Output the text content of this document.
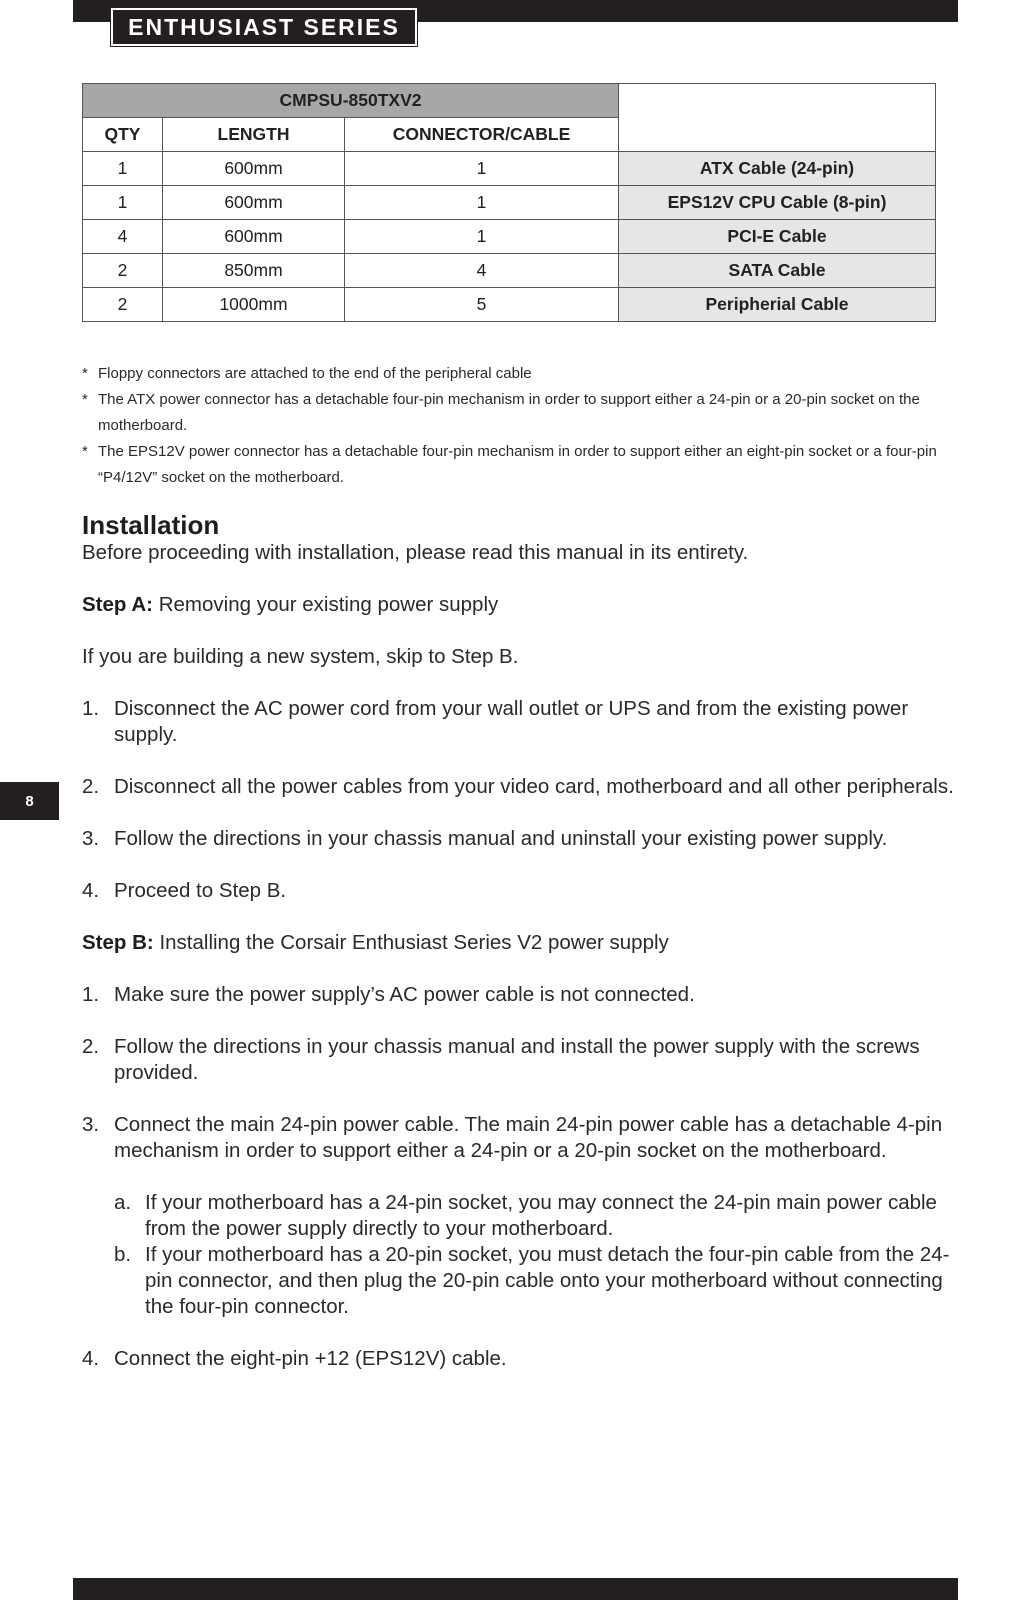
ENTHUSIAST SERIES
8
CMPSU-850TXV2			
QTY	LENGTH	CONNECTOR/CABLE	
1	600mm	1	ATX Cable (24-pin)
1	600mm	1	EPS12V CPU Cable (8-pin)
4	600mm	1	PCI-E Cable
2	850mm	4	SATA Cable
2	1000mm	5	Peripherial Cable
* Floppy connectors are attached to the end of the peripheral cable
* The ATX power connector has a detachable four-pin mechanism in order to support either a 24-pin or a 20-pin socket on the motherboard.
* The EPS12V power connector has a detachable four-pin mechanism in order to support either an eight-pin socket or a four-pin “P4/12V” socket on the motherboard.
Installation

Before proceeding with installation, please read this manual in its entirety.

Step A: Removing your existing power supply

If you are building a new system, skip to Step B.

1. Disconnect the AC power cord from your wall outlet or UPS and from the existing power supply.
2. Disconnect all the power cables from your video card, motherboard and all other peripherals.
3. Follow the directions in your chassis manual and uninstall your existing power supply.
4. Proceed to Step B.

Step B: Installing the Corsair Enthusiast Series V2 power supply

1. Make sure the power supply’s AC power cable is not connected.
2. Follow the directions in your chassis manual and install the power supply with the screws provided.
3. Connect the main 24-pin power cable. The main 24-pin power cable has a detachable 4-pin mechanism in order to support either a 24-pin or a 20-pin socket on the motherboard.
a. If your motherboard has a 24-pin socket, you may connect the 24-pin main power cable from the power supply directly to your motherboard.
b. If your motherboard has a 20-pin socket, you must detach the four-pin cable from the 24-pin connector, and then plug the 20-pin cable onto your motherboard without connecting the four-pin connector.
4. Connect the eight-pin +12 (EPS12V) cable.
